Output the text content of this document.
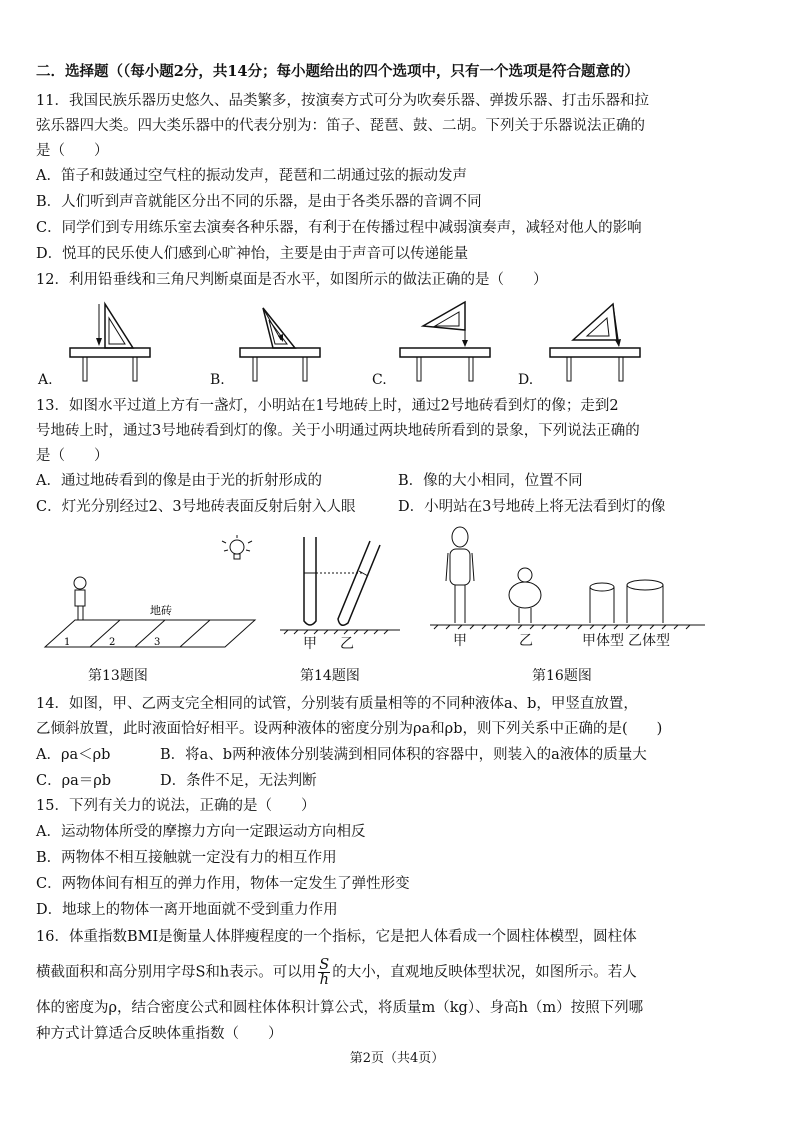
二．选择题（（每小题2分，共14分；每小题给出的四个选项中，只有一个选项是符合题意的）
11．我国民族乐器历史悠久、品类繁多，按演奏方式可分为吹奏乐器、弹拨乐器、打击乐器和拉
弦乐器四大类。四大类乐器中的代表分别为：笛子、琵琶、鼓、二胡。下列关于乐器说法正确的
是（　　）
A．笛子和鼓通过空气柱的振动发声，琵琶和二胡通过弦的振动发声
B．人们听到声音就能区分出不同的乐器，是由于各类乐器的音调不同
C．同学们到专用练乐室去演奏各种乐器，有利于在传播过程中减弱演奏声，减轻对他人的影响
D．悦耳的民乐使人们感到心旷神怡，主要是由于声音可以传递能量
12．利用铅垂线和三角尺判断桌面是否水平，如图所示的做法正确的是（　　）
A.	B.	C.	D.
13．如图水平过道上方有一盏灯，小明站在1号地砖上时，通过2号地砖看到灯的像；走到2
号地砖上时，通过3号地砖看到灯的像。关于小明通过两块地砖所看到的景象，下列说法正确的
是（　　）
A．通过地砖看到的像是由于光的折射形成的	B．像的大小相同，位置不同
C．灯光分别经过2、3号地砖表面反射后射入人眼	D．小明站在3号地砖上将无法看到灯的像
地砖
1	2	3
第13题图
甲 乙
第14题图
甲	乙	甲体型 乙体型
第16题图
14．如图，甲、乙两支完全相同的试管，分别装有质量相等的不同种液体a、b，甲竖直放置，
乙倾斜放置，此时液面恰好相平。设两种液体的密度分别为ρa和ρb，则下列关系中正确的是(　　)
A．ρa＜ρb	B．将a、b两种液体分别装满到相同体积的容器中，则装入的a液体的质量大
C．ρa＝ρb	D．条件不足，无法判断
15．下列有关力的说法，正确的是（　　）
A．运动物体所受的摩擦力方向一定跟运动方向相反
B．两物体不相互接触就一定没有力的相互作用
C．两物体间有相互的弹力作用，物体一定发生了弹性形变
D．地球上的物体一离开地面就不受到重力作用
16．体重指数BMI是衡量人体胖瘦程度的一个指标，它是把人体看成一个圆柱体模型，圆柱体
横截面积和高分别用字母S和h表示。可以用 $\frac{S}{h}$ 的大小，直观地反映体型状况，如图所示。若人
体的密度为ρ，结合密度公式和圆柱体体积计算公式，将质量m（kg）、身高h（m）按照下列哪
种方式计算适合反映体重指数（　　）
第2页（共4页）
